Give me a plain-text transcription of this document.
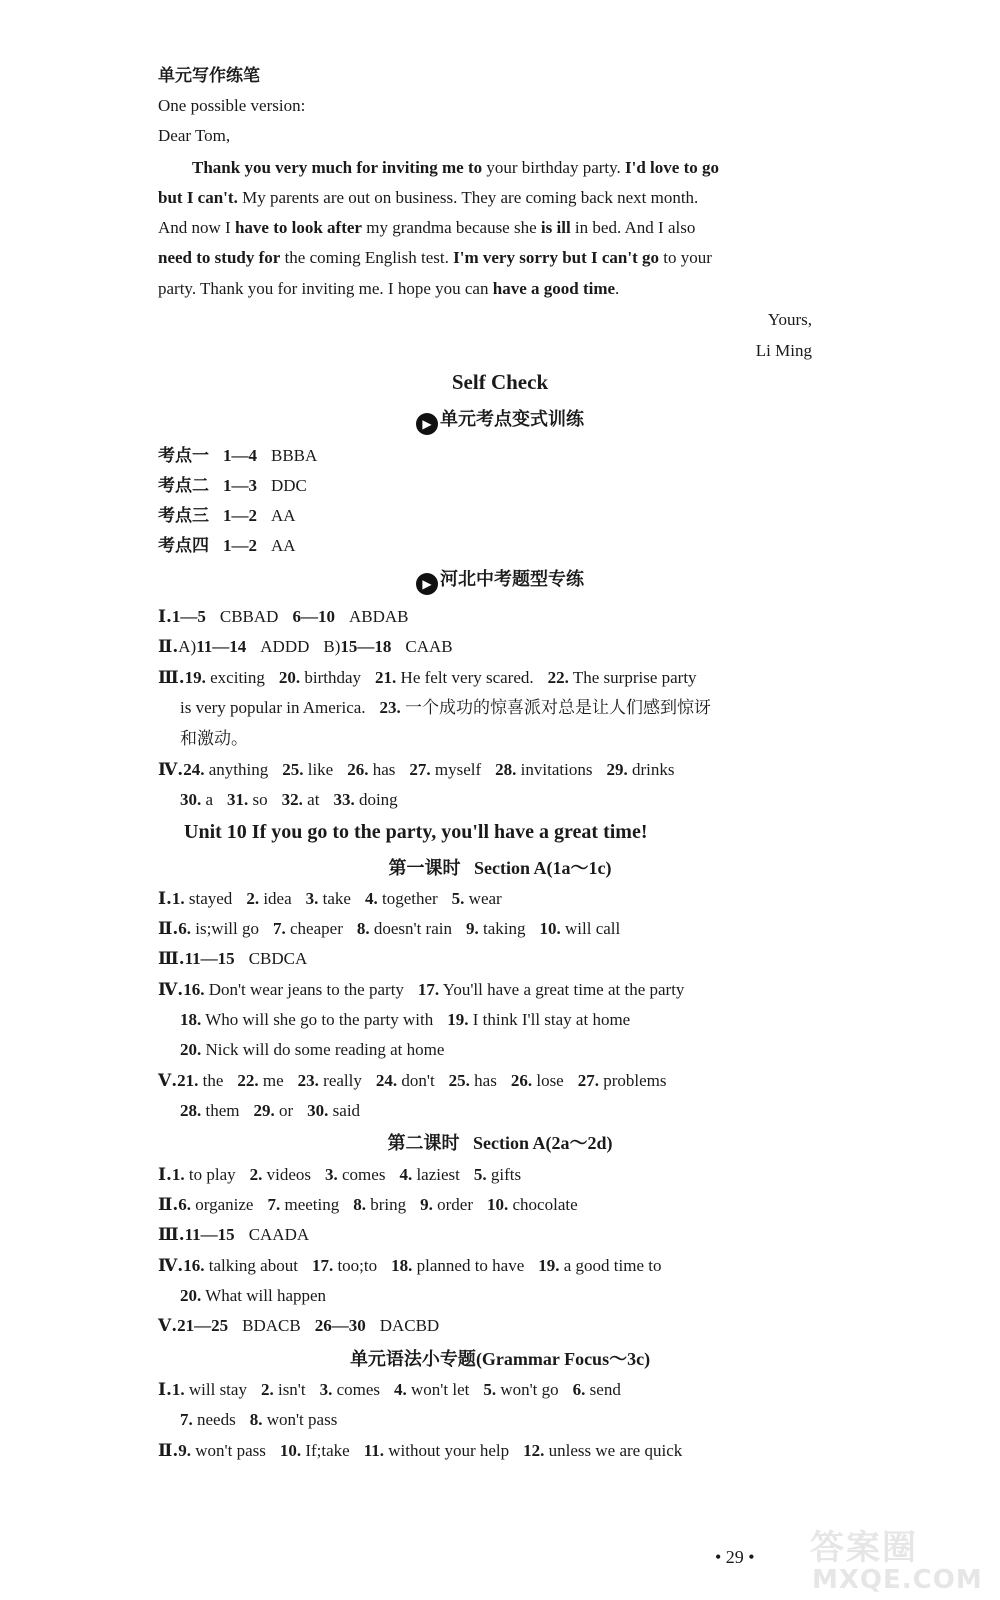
单元写作练笔
One possible version:
Dear Tom,
Thank you very much for inviting me to your birthday party. I'd love to go
but I can't. My parents are out on business. They are coming back next month.
And now I have to look after my grandma because she is ill in bed. And I also
need to study for the coming English test. I'm very sorry but I can't go to your
party. Thank you for inviting me. I hope you can have a good time.
Yours,
Li Ming
Self Check
▶ 单元考点变式训练
考点一 1—4 BBBA
考点二 1—3 DDC
考点三 1—2 AA
考点四 1—2 AA
▶ 河北中考题型专练
Ⅰ.1—5 CBBAD 6—10 ABDAB
Ⅱ.A)11—14 ADDD B)15—18 CAAB
Ⅲ.19. exciting 20. birthday 21. He felt very scared. 22. The surprise party
is very popular in America. 23. 一个成功的惊喜派对总是让人们感到惊讶
和激动。
Ⅳ.24. anything 25. like 26. has 27. myself 28. invitations 29. drinks
30. a 31. so 32. at 33. doing
Unit 10 If you go to the party, you'll have a great time!
第一课时 Section A(1a～1c)
Ⅰ.1. stayed 2. idea 3. take 4. together 5. wear
Ⅱ.6. is;will go 7. cheaper 8. doesn't rain 9. taking 10. will call
Ⅲ.11—15 CBDCA
Ⅳ.16. Don't wear jeans to the party 17. You'll have a great time at the party
18. Who will she go to the party with 19. I think I'll stay at home
20. Nick will do some reading at home
Ⅴ.21. the 22. me 23. really 24. don't 25. has 26. lose 27. problems
28. them 29. or 30. said
第二课时 Section A(2a～2d)
Ⅰ.1. to play 2. videos 3. comes 4. laziest 5. gifts
Ⅱ.6. organize 7. meeting 8. bring 9. order 10. chocolate
Ⅲ.11—15 CAADA
Ⅳ.16. talking about 17. too;to 18. planned to have 19. a good time to
20. What will happen
Ⅴ.21—25 BDACB 26—30 DACBD
单元语法小专题(Grammar Focus～3c)
Ⅰ.1. will stay 2. isn't 3. comes 4. won't let 5. won't go 6. send
7. needs 8. won't pass
Ⅱ.9. won't pass 10. If;take 11. without your help 12. unless we are quick
• 29 • 答案圈
MXQE.COM
